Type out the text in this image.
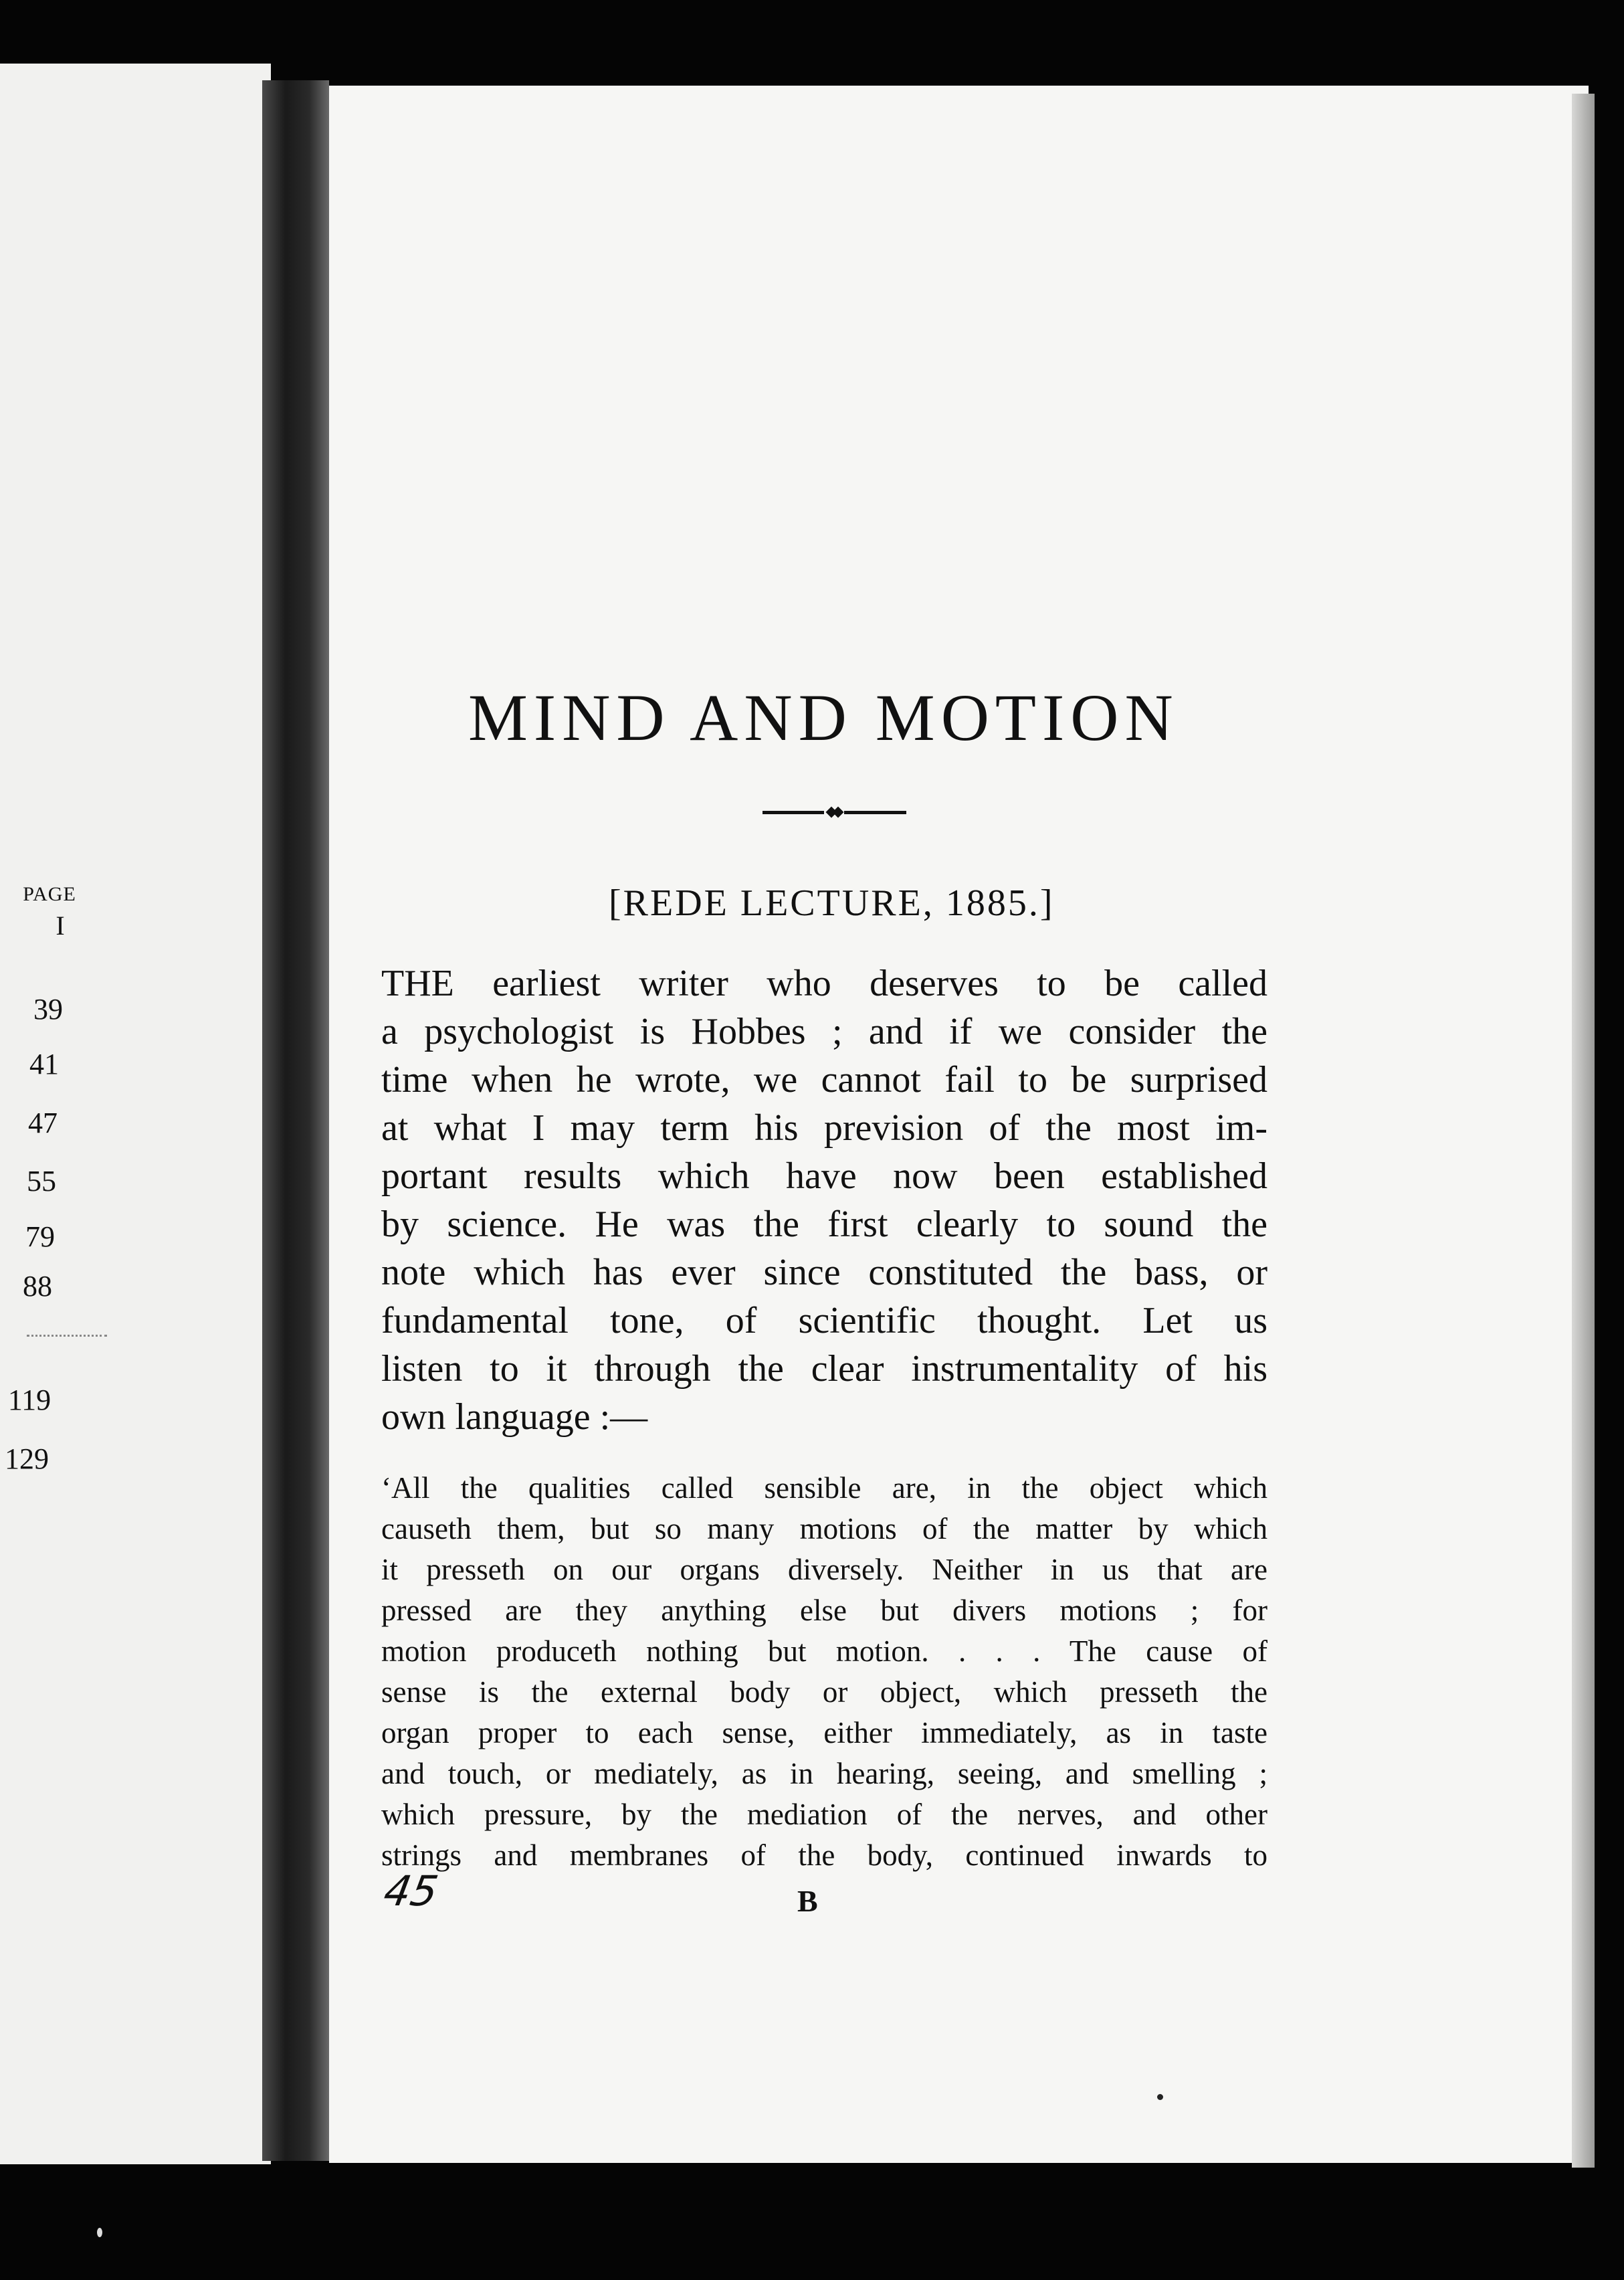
PAGE
I
39
41
47
55
79
88
119
129
MIND AND MOTION
[REDE LECTURE, 1885.]
THE earliest writer who deserves to be called
a psychologist is Hobbes ; and if we consider the
time when he wrote, we cannot fail to be surprised
at what I may term his prevision of the most im-
portant results which have now been established
by science. He was the first clearly to sound the
note which has ever since constituted the bass, or
fundamental tone, of scientific thought. Let us
listen to it through the clear instrumentality of his
own language :—
‘All the qualities called sensible are, in the object which
causeth them, but so many motions of the matter by which
it presseth on our organs diversely. Neither in us that are
pressed are they anything else but divers motions ; for
motion produceth nothing but motion. . . . The cause of
sense is the external body or object, which presseth the
organ proper to each sense, either immediately, as in taste
and touch, or mediately, as in hearing, seeing, and smelling ;
which pressure, by the mediation of the nerves, and other
strings and membranes of the body, continued inwards to
45	B
